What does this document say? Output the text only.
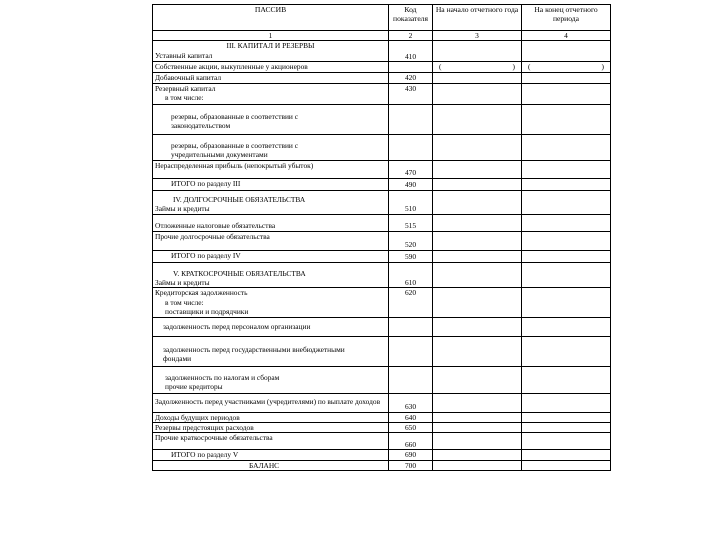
ПАССИВ	Код показателя	На начало отчетного года	На конец отчетного периода
1	2	3	4

III. КАПИТАЛ И РЕЗЕРВЫ
Уставный капитал	410		
Собственные акции, выкупленные у акционеров		( )	( )

Добавочный капитал	420		

Резервный капитал
в том числе:	430		
резервы, образованные в соответствии с законодательством			
резервы, образованные в соответствии с учредительными документами			
Нераспределенная прибыль (непокрытый убыток)	470		
ИТОГО по разделу III	490		

IV. ДОЛГОСРОЧНЫЕ ОБЯЗАТЕЛЬСТВА
Займы и кредиты	510		
Отложенные налоговые обязательства	515		
Прочие долгосрочные обязательства	520		
ИТОГО по разделу IV	590		

V. КРАТКОСРОЧНЫЕ ОБЯЗАТЕЛЬСТВА
Займы и кредиты	610		

Кредиторская задолженность
в том числе:
поставщики и подрядчики	620		
задолженность перед персоналом организации			
задолженность перед государственными внебюджетными фондами			

задолженность по налогам и сборам
прочие кредиторы			

Задолженность перед участниками (учредителями) по выплате доходов	630		
Доходы будущих периодов	640		
Резервы предстоящих расходов	650		
Прочие краткосрочные обязательства	660		
ИТОГО по разделу V	690		
БАЛАНС	700		
